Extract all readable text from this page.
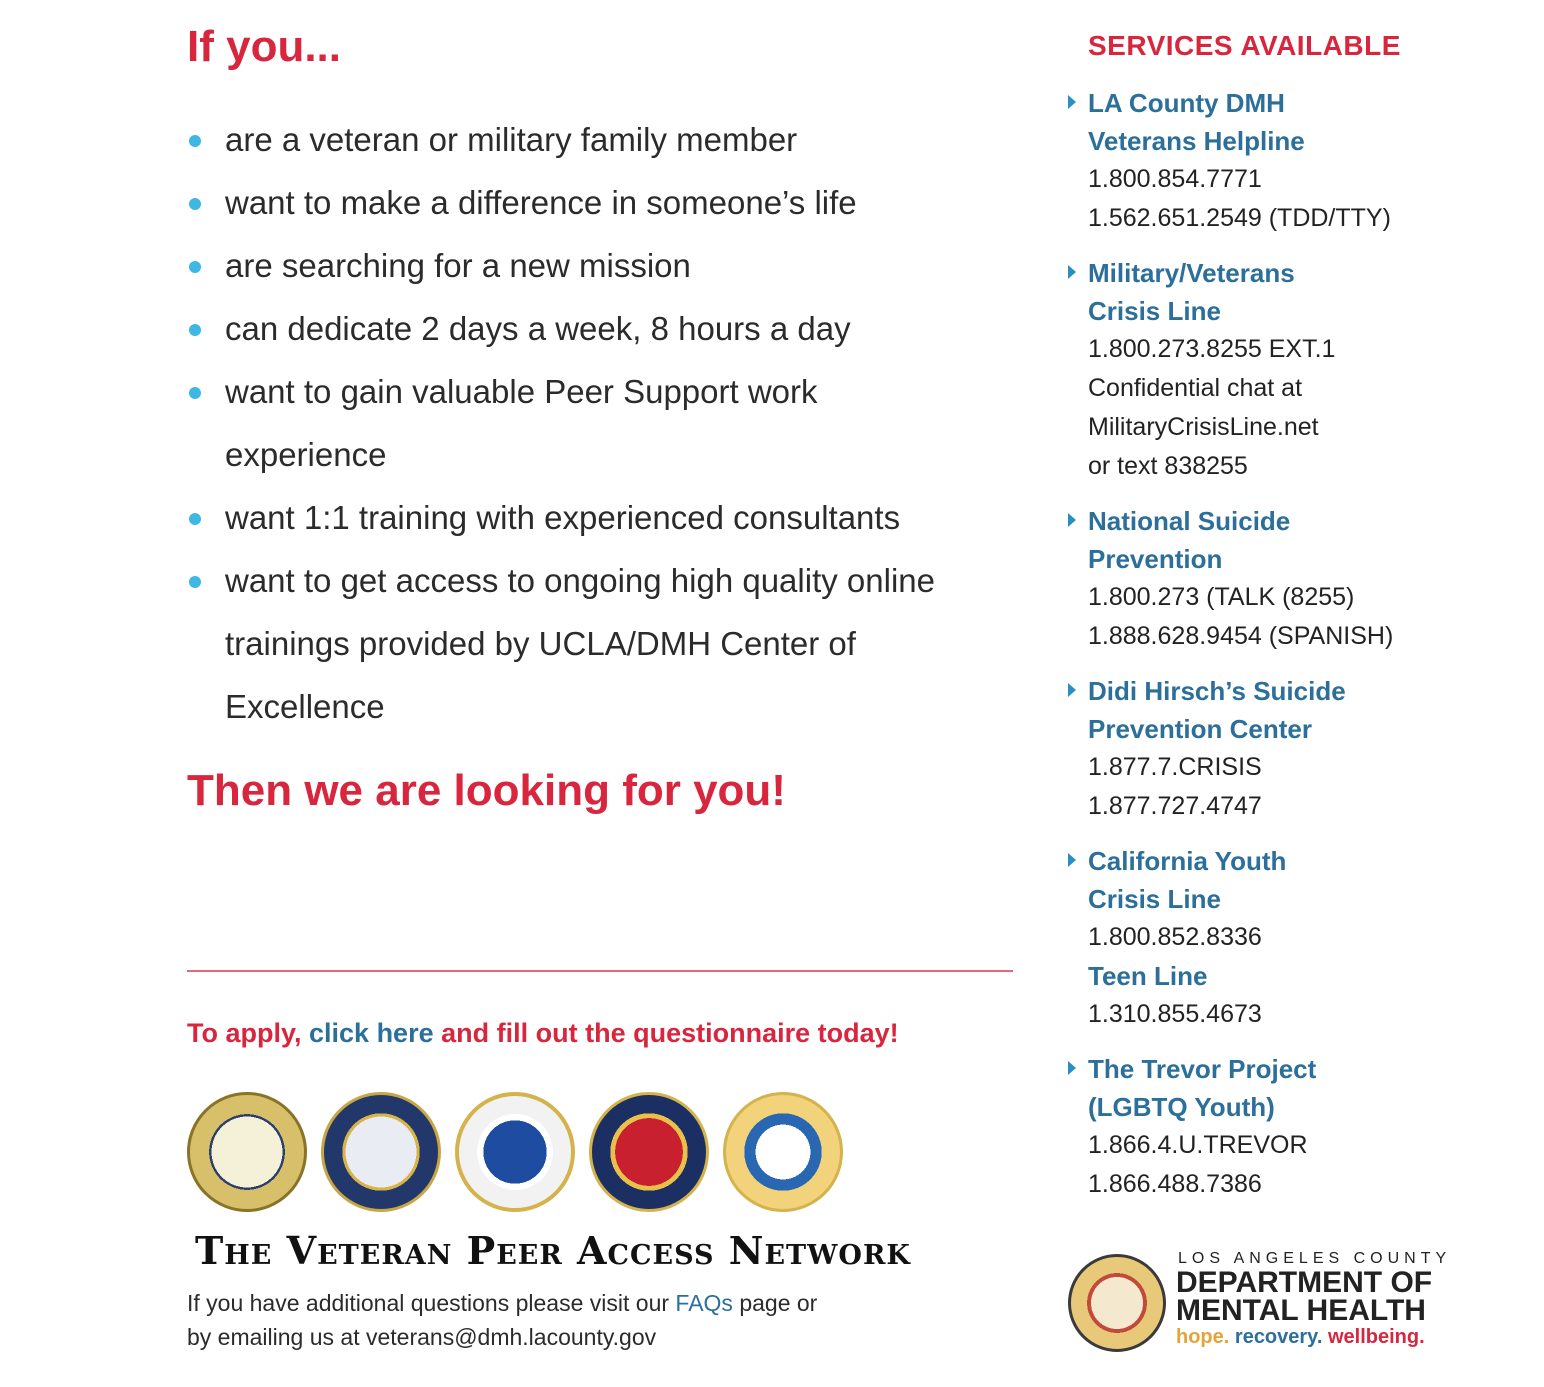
If you...
are a veteran or military family member
want to make a difference in someone’s life
are searching for a new mission
can dedicate 2 days a week, 8 hours a day
want to gain valuable Peer Support work experience
want 1:1 training with experienced consultants
want to get access to ongoing high quality online trainings provided by UCLA/DMH Center of Excellence
Then we are looking for you!
To apply, click here and fill out the questionnaire today!
The Veteran Peer Access Network
If you have additional questions please visit our FAQs page or
by emailing us at veterans@dmh.lacounty.gov
SERVICES AVAILABLE
LA County DMH
Veterans Helpline
1.800.854.7771
1.562.651.2549 (TDD/TTY)
Military/Veterans
Crisis Line
1.800.273.8255 EXT.1
Confidential chat at
MilitaryCrisisLine.net
or text 838255
National Suicide
Prevention
1.800.273 (TALK (8255)
1.888.628.9454 (SPANISH)
Didi Hirsch’s Suicide
Prevention Center
1.877.7.CRISIS
1.877.727.4747
California Youth
Crisis Line
1.800.852.8336
Teen Line
1.310.855.4673
The Trevor Project
(LGBTQ Youth)
1.866.4.U.TREVOR
1.866.488.7386
LOS ANGELES COUNTY
DEPARTMENT OF
MENTAL HEALTH
hope. recovery. wellbeing.
